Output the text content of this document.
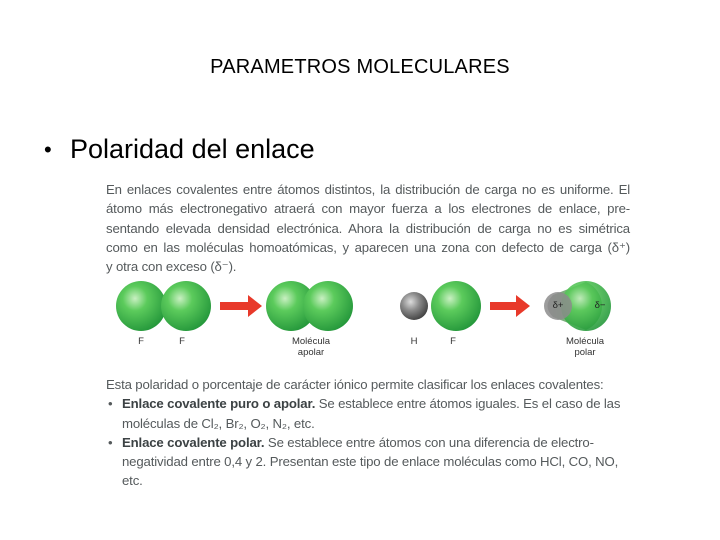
PARAMETROS MOLECULARES
• Polaridad del enlace
En enlaces covalentes entre átomos distintos, la distribución de carga no es uniforme. El
átomo más electronegativo atraerá con mayor fuerza a los electrones de enlace, pre-
sentando elevada densidad electrónica. Ahora la distribución de carga no es simétrica
como en las moléculas homoatómicas, y aparecen una zona con defecto de carga (δ⁺)
y otra con exceso (δ⁻).
δ+	δ−
F	F	Molécula
apolar
H	F	Molécula
polar
Esta polaridad o porcentaje de carácter iónico permite clasificar los enlaces covalentes:
• Enlace covalente puro o apolar. Se establece entre átomos iguales. Es el caso de las moléculas de Cl₂, Br₂, O₂, N₂, etc.
• Enlace covalente polar. Se establece entre átomos con una diferencia de electro-negatividad entre 0,4 y 2. Presentan este tipo de enlace moléculas como HCl, CO, NO, etc.
